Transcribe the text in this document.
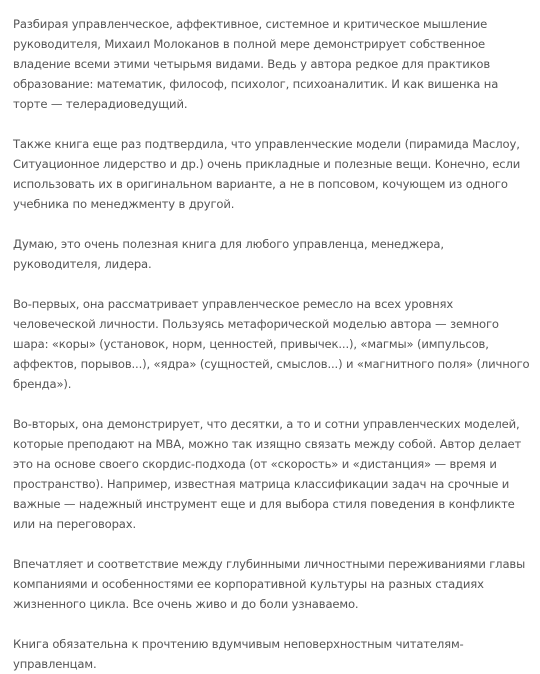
Разбирая управленческое, аффективное, системное и критическое мышление руководителя, Михаил Молоканов в полной мере демонстрирует собственное владение всеми этими четырьмя видами. Ведь у автора редкое для практиков образование: математик, философ, психолог, психоаналитик. И как вишенка на торте — телерадиоведущий.

Также книга еще раз подтвердила, что управленческие модели (пирамида Маслоу, Ситуационное лидерство и др.) очень прикладные и полезные вещи. Конечно, если использовать их в оригинальном варианте, а не в попсовом, кочующем из одного учебника по менеджменту в другой.

Думаю, это очень полезная книга для любого управленца, менеджера, руководителя, лидера.

Во-первых, она рассматривает управленческое ремесло на всех уровнях человеческой личности. Пользуясь метафорической моделью автора — земного шара: «коры» (установок, норм, ценностей, привычек...), «магмы» (импульсов, аффектов, порывов...), «ядра» (сущностей, смыслов...) и «магнитного поля» (личного бренда»).

Во-вторых, она демонстрирует, что десятки, а то и сотни управленческих моделей, которые преподают на МВА, можно так изящно связать между собой. Автор делает это на основе своего скордис-подхода (от «скорость» и «дистанция» — время и пространство). Например, известная матрица классификации задач на срочные и важные — надежный инструмент еще и для выбора стиля поведения в конфликте или на переговорах.

Впечатляет и соответствие между глубинными личностными переживаниями главы компаниями и особенностями ее корпоративной культуры на разных стадиях жизненного цикла. Все очень живо и до боли узнаваемо.

Книга обязательна к прочтению вдумчивым неповерхностным читателям-управленцам.
